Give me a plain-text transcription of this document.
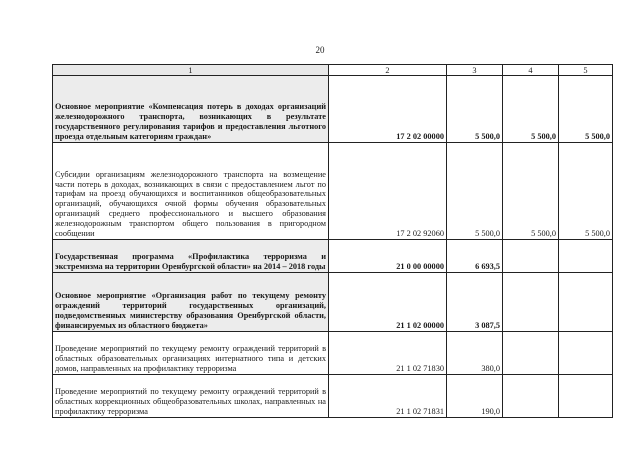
20
1	2	3	4	5
Основное мероприятие «Компенсация потерь в доходах организаций железнодорожного транспорта, возникающих в результате государственного регулирования тарифов и предоставления льготного проезда отдельным категориям граждан»	17 2 02 00000	5 500,0	5 500,0	5 500,0
Субсидии организациям железнодорожного транспорта на возмещение части потерь в доходах, возникающих в связи с предоставлением льгот по тарифам на проезд обучающихся и воспитанников общеобразовательных организаций, обучающихся очной формы обучения образовательных организаций среднего профессионального и высшего образования железнодорожным транспортом общего пользования в пригородном сообщении	17 2 02 92060	5 500,0	5 500,0	5 500,0
Государственная программа «Профилактика терроризма и экстремизма на территории Оренбургской области» на 2014 – 2018 годы	21 0 00 00000	6 693,5		
Основное мероприятие «Организация работ по текущему ремонту ограждений территорий государственных организаций, подведомственных министерству образования Оренбургской области, финансируемых из областного бюджета»	21 1 02 00000	3 087,5		
Проведение мероприятий по текущему ремонту ограждений территорий в областных образовательных организациях интернатного типа и детских домов, направленных на профилактику терроризма	21 1 02 71830	380,0		
Проведение мероприятий по текущему ремонту ограждений территорий в областных коррекционных общеобразовательных школах, направленных на профилактику терроризма	21 1 02 71831	190,0		
